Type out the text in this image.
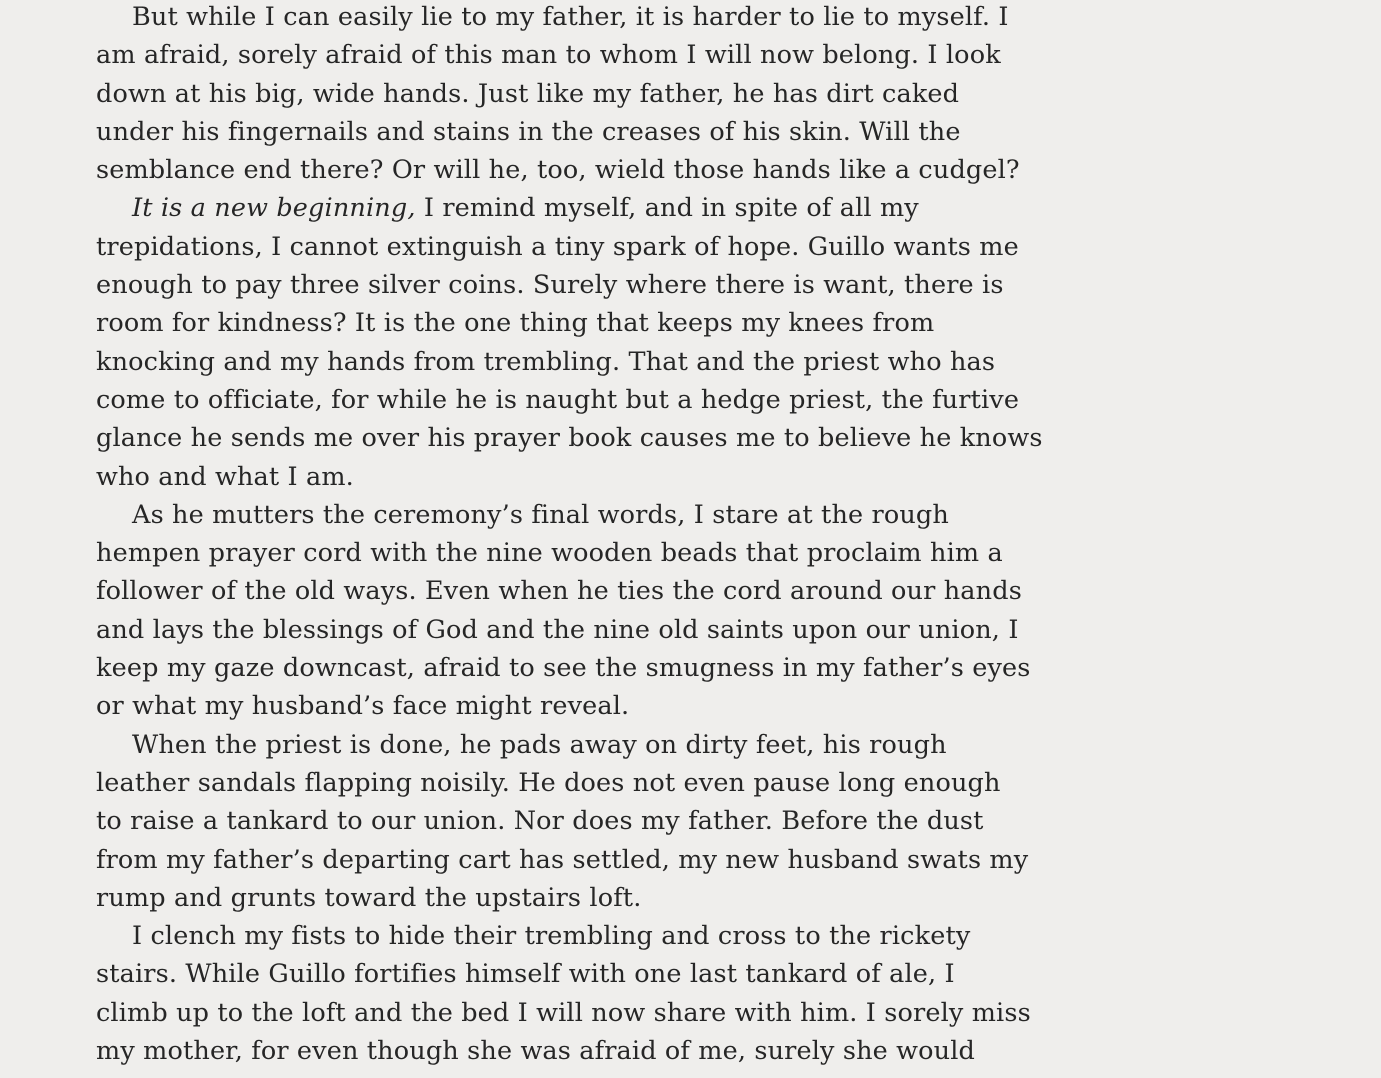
But while I can easily lie to my father, it is harder to lie to myself. I
am afraid, sorely afraid of this man to whom I will now belong. I look
down at his big, wide hands. Just like my father, he has dirt caked
under his fingernails and stains in the creases of his skin. Will the
semblance end there? Or will he, too, wield those hands like a cudgel?
It is a new beginning, I remind myself, and in spite of all my
trepidations, I cannot extinguish a tiny spark of hope. Guillo wants me
enough to pay three silver coins. Surely where there is want, there is
room for kindness? It is the one thing that keeps my knees from
knocking and my hands from trembling. That and the priest who has
come to officiate, for while he is naught but a hedge priest, the furtive
glance he sends me over his prayer book causes me to believe he knows
who and what I am.
As he mutters the ceremony’s final words, I stare at the rough
hempen prayer cord with the nine wooden beads that proclaim him a
follower of the old ways. Even when he ties the cord around our hands
and lays the blessings of God and the nine old saints upon our union, I
keep my gaze downcast, afraid to see the smugness in my father’s eyes
or what my husband’s face might reveal.
When the priest is done, he pads away on dirty feet, his rough
leather sandals flapping noisily. He does not even pause long enough
to raise a tankard to our union. Nor does my father. Before the dust
from my father’s departing cart has settled, my new husband swats my
rump and grunts toward the upstairs loft.
I clench my fists to hide their trembling and cross to the rickety
stairs. While Guillo fortifies himself with one last tankard of ale, I
climb up to the loft and the bed I will now share with him. I sorely miss
my mother, for even though she was afraid of me, surely she would
